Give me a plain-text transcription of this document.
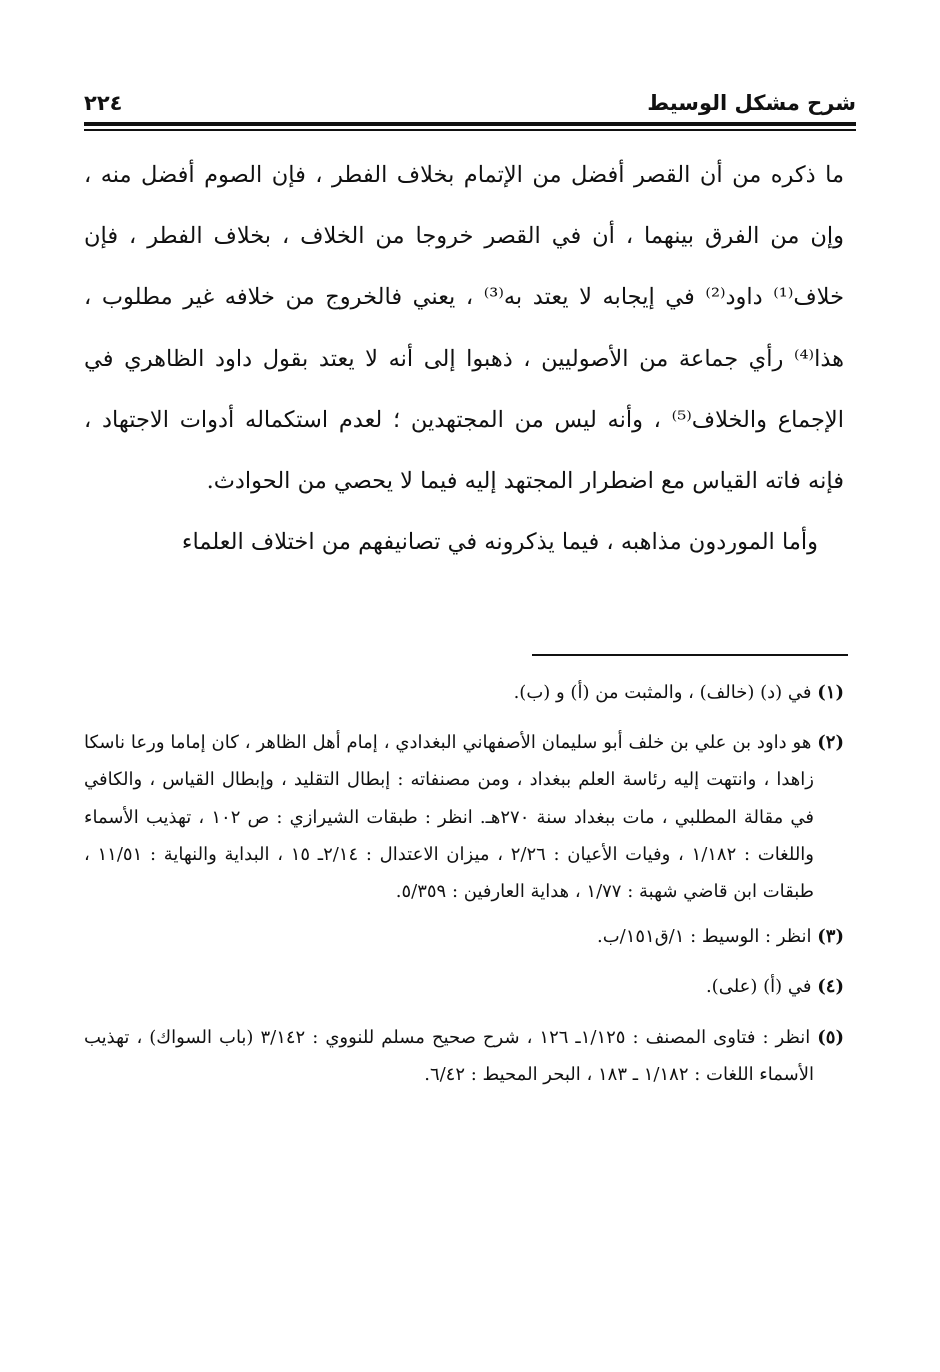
شرح مشكل الوسيط
٢٢٤

ما ذكره من أن القصر أفضل من الإتمام بخلاف الفطر ، فإن الصوم أفضل منه ، وإن من الفرق بينهما ، أن في القصر خروجا من الخلاف ، بخلاف الفطر ، فإن خلاف⁽¹⁾ داود⁽²⁾ في إيجابه لا يعتد به⁽³⁾ ، يعني فالخروج من خلافه غير مطلوب ، هذا⁽⁴⁾ رأي جماعة من الأصوليين ، ذهبوا إلى أنه لا يعتد بقول داود الظاهري في الإجماع والخلاف⁽⁵⁾ ، وأنه ليس من المجتهدين ؛ لعدم استكماله أدوات الاجتهاد ، فإنه فاته القياس مع اضطرار المجتهد إليه فيما لا يحصي من الحوادث.

وأما الموردون مذاهبه ، فيما يذكرونه في تصانيفهم من اختلاف العلماء

(١) في (د) (خالف) ، والمثبت من (أ) و (ب).

(٢) هو داود بن علي بن خلف أبو سليمان الأصفهاني البغدادي ، إمام أهل الظاهر ، كان إماما ورعا ناسكا زاهدا ، وانتهت إليه رئاسة العلم ببغداد ، ومن مصنفاته : إبطال التقليد ، وإبطال القياس ، والكافي في مقالة المطلبي ، مات ببغداد سنة ٢٧٠هـ. انظر : طبقات الشيرازي : ص ١٠٢ ، تهذيب الأسماء واللغات : ١/١٨٢ ، وفيات الأعيان : ٢/٢٦ ، ميزان الاعتدال : ٢/١٤ـ ١٥ ، البداية والنهاية : ١١/٥١ ، طبقات ابن قاضي شهبة : ١/٧٧ ، هداية العارفين : ٥/٣٥٩.

(٣) انظر : الوسيط : ١/ق١٥١/ب.

(٤) في (أ) (على).

(٥) انظر : فتاوى المصنف : ١/١٢٥ـ ١٢٦ ، شرح صحيح مسلم للنووي : ٣/١٤٢ (باب السواك) ، تهذيب الأسماء اللغات : ١/١٨٢ ـ ١٨٣ ، البحر المحيط : ٦/٤٢.
